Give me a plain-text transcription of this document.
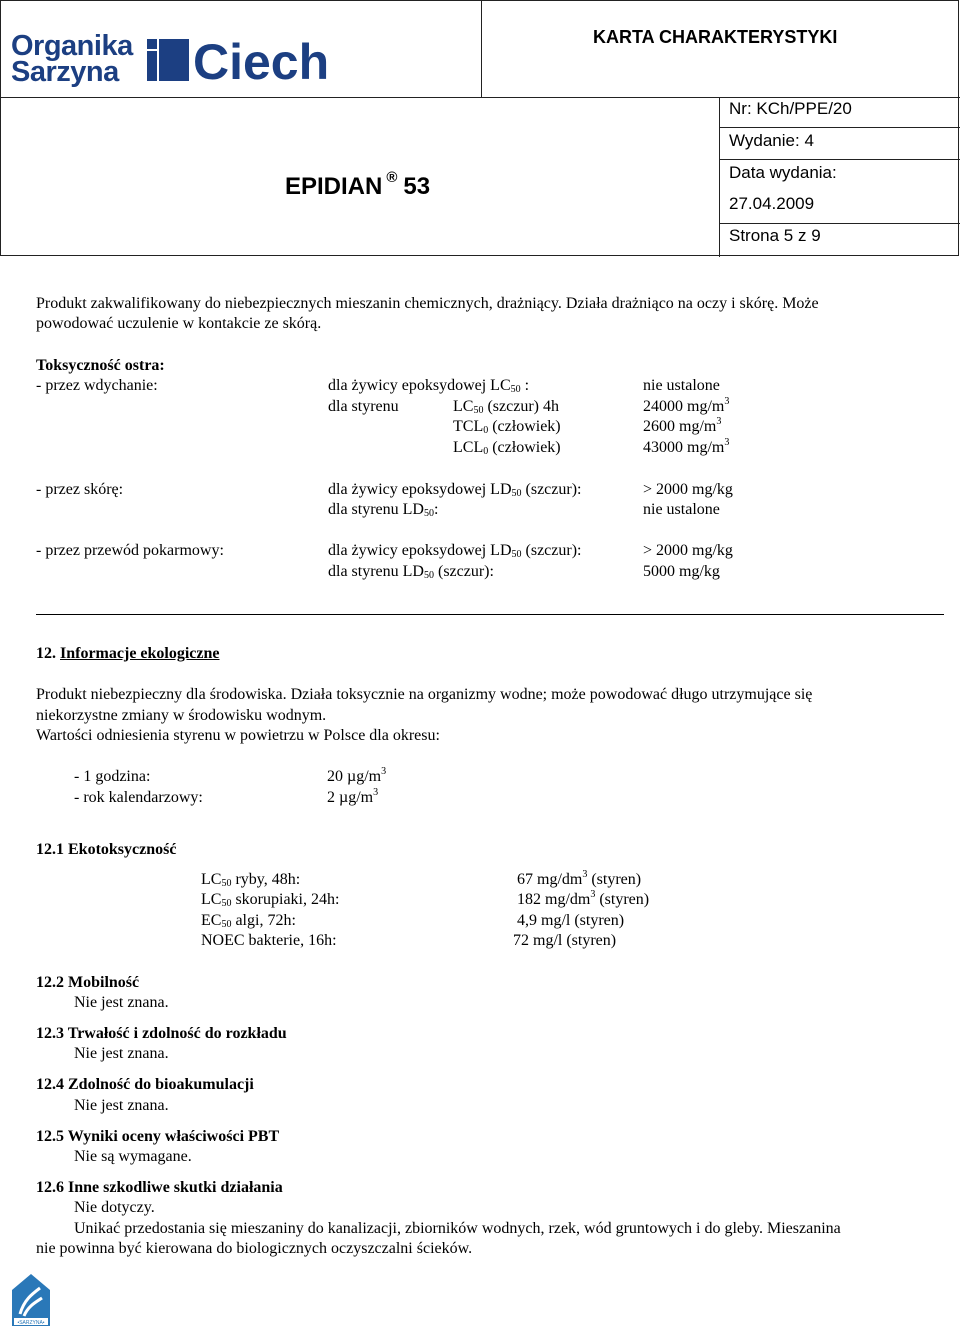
Organika
Sarzyna Ciech	KARTA CHARAKTERYSTYKI
EPIDIAN ® 53
Nr: KCh/PPE/20
Wydanie: 4
Data wydania:
27.04.2009
Strona 5 z 9
Produkt zakwalifikowany do niebezpiecznych mieszanin chemicznych, drażniący. Działa drażniąco na oczy i skórę. Może
powodować uczulenie w kontakcie ze skórą.
Toksyczność ostra:
- przez wdychanie:	dla żywicy epoksydowej $LC_{50}$ :	nie ustalone
dla styrenu	$LC_{50}$ (szczur) 4h	24000 $mg/m^3$
$TCL_0$ (człowiek)	2600 $mg/m^3$
$LCL_0$ (człowiek)	43000 $mg/m^3$
- przez skórę:	dla żywicy epoksydowej $LD_{50}$ (szczur):	> 2000 mg/kg
dla styrenu $LD_{50}$:	nie ustalone
- przez przewód pokarmowy:	dla żywicy epoksydowej $LD_{50}$ (szczur):	> 2000 mg/kg
dla styrenu $LD_{50}$ (szczur):	5000 mg/kg
12. Informacje ekologiczne
Produkt niebezpieczny dla środowiska. Działa toksycznie na organizmy wodne; może powodować długo utrzymujące się
niekorzystne zmiany w środowisku wodnym.
Wartości odniesienia styrenu w powietrzu w Polsce dla okresu:
- 1 godzina:	20 $\mu g/m^3$
- rok kalendarzowy:	2 $\mu g/m^3$
12.1 Ekotoksyczność
$LC_{50}$ ryby, 48h:	67 $mg/dm^3$ (styren)
$LC_{50}$ skorupiaki, 24h:	182 $mg/dm^3$ (styren)
$EC_{50}$ algi, 72h:	4,9 mg/l (styren)
NOEC bakterie, 16h:	72 mg/l (styren)
12.2 Mobilność
Nie jest znana.
12.3 Trwałość i zdolność do rozkładu
Nie jest znana.
12.4 Zdolność do bioakumulacji
Nie jest znana.
12.5 Wyniki oceny właściwości PBT
Nie są wymagane.
12.6 Inne szkodliwe skutki działania
Nie dotyczy.
Unikać przedostania się mieszaniny do kanalizacji, zbiorników wodnych, rzek, wód gruntowych i do gleby. Mieszanina
nie powinna być kierowana do biologicznych oczyszczalni ścieków.
•SARZYNA•
